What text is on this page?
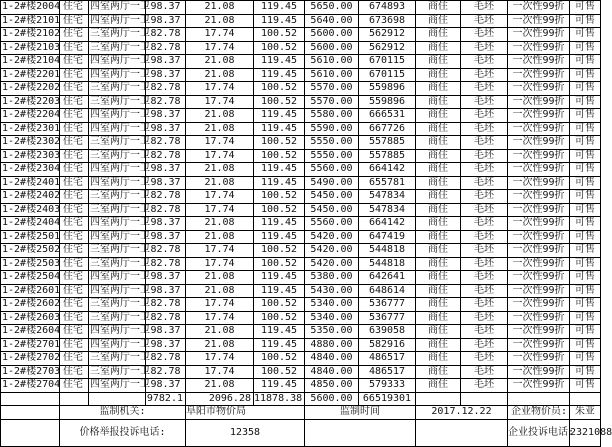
1-2#楼2004	住宅	四室两厅一卫	98.37	21.08	119.45	5650.00	674893	商住	毛坯	一次性99折	可售
1-2#楼2101	住宅	四室两厅一卫	98.37	21.08	119.45	5640.00	673698	商住	毛坯	一次性99折	可售
1-2#楼2102	住宅	三室两厅一卫	82.78	17.74	100.52	5600.00	562912	商住	毛坯	一次性99折	可售
1-2#楼2103	住宅	三室两厅一卫	82.78	17.74	100.52	5600.00	562912	商住	毛坯	一次性99折	可售
1-2#楼2104	住宅	四室两厅一卫	98.37	21.08	119.45	5610.00	670115	商住	毛坯	一次性99折	可售
1-2#楼2201	住宅	四室两厅一卫	98.37	21.08	119.45	5610.00	670115	商住	毛坯	一次性99折	可售
1-2#楼2202	住宅	三室两厅一卫	82.78	17.74	100.52	5570.00	559896	商住	毛坯	一次性99折	可售
1-2#楼2203	住宅	三室两厅一卫	82.78	17.74	100.52	5570.00	559896	商住	毛坯	一次性99折	可售
1-2#楼2204	住宅	四室两厅一卫	98.37	21.08	119.45	5580.00	666531	商住	毛坯	一次性99折	可售
1-2#楼2301	住宅	四室两厅一卫	98.37	21.08	119.45	5590.00	667726	商住	毛坯	一次性99折	可售
1-2#楼2302	住宅	三室两厅一卫	82.78	17.74	100.52	5550.00	557885	商住	毛坯	一次性99折	可售
1-2#楼2303	住宅	三室两厅一卫	82.78	17.74	100.52	5550.00	557885	商住	毛坯	一次性99折	可售
1-2#楼2304	住宅	四室两厅一卫	98.37	21.08	119.45	5560.00	664142	商住	毛坯	一次性99折	可售
1-2#楼2401	住宅	四室两厅一卫	98.37	21.08	119.45	5490.00	655781	商住	毛坯	一次性99折	可售
1-2#楼2402	住宅	三室两厅一卫	82.78	17.74	100.52	5450.00	547834	商住	毛坯	一次性99折	可售
1-2#楼2403	住宅	三室两厅一卫	82.78	17.74	100.52	5450.00	547834	商住	毛坯	一次性99折	可售
1-2#楼2404	住宅	四室两厅一卫	98.37	21.08	119.45	5560.00	664142	商住	毛坯	一次性99折	可售
1-2#楼2501	住宅	四室两厅一卫	98.37	21.08	119.45	5420.00	647419	商住	毛坯	一次性99折	可售
1-2#楼2502	住宅	三室两厅一卫	82.78	17.74	100.52	5420.00	544818	商住	毛坯	一次性99折	可售
1-2#楼2503	住宅	三室两厅一卫	82.78	17.74	100.52	5420.00	544818	商住	毛坯	一次性99折	可售
1-2#楼2504	住宅	四室两厅一卫	98.37	21.08	119.45	5380.00	642641	商住	毛坯	一次性99折	可售
1-2#楼2601	住宅	四室两厅一卫	98.37	21.08	119.45	5430.00	648614	商住	毛坯	一次性99折	可售
1-2#楼2602	住宅	三室两厅一卫	82.78	17.74	100.52	5340.00	536777	商住	毛坯	一次性99折	可售
1-2#楼2603	住宅	三室两厅一卫	82.78	17.74	100.52	5340.00	536777	商住	毛坯	一次性99折	可售
1-2#楼2604	住宅	四室两厅一卫	98.37	21.08	119.45	5350.00	639058	商住	毛坯	一次性99折	可售
1-2#楼2701	住宅	四室两厅一卫	98.37	21.08	119.45	4880.00	582916	商住	毛坯	一次性99折	可售
1-2#楼2702	住宅	三室两厅一卫	82.78	17.74	100.52	4840.00	486517	商住	毛坯	一次性99折	可售
1-2#楼2703	住宅	三室两厅一卫	82.78	17.74	100.52	4840.00	486517	商住	毛坯	一次性99折	可售
1-2#楼2704	住宅	四室两厅一卫	98.37	21.08	119.45	4850.00	579333	商住	毛坯	一次性99折	可售
			9782.1	2096.28	11878.38	5600.00	66519301				
	监制机关:			阜阳市物价局		监制时间		2017.12.22		企业物价员:	朱亚
	价格举报投诉电话:			12358						企业投诉电话:	2321088
